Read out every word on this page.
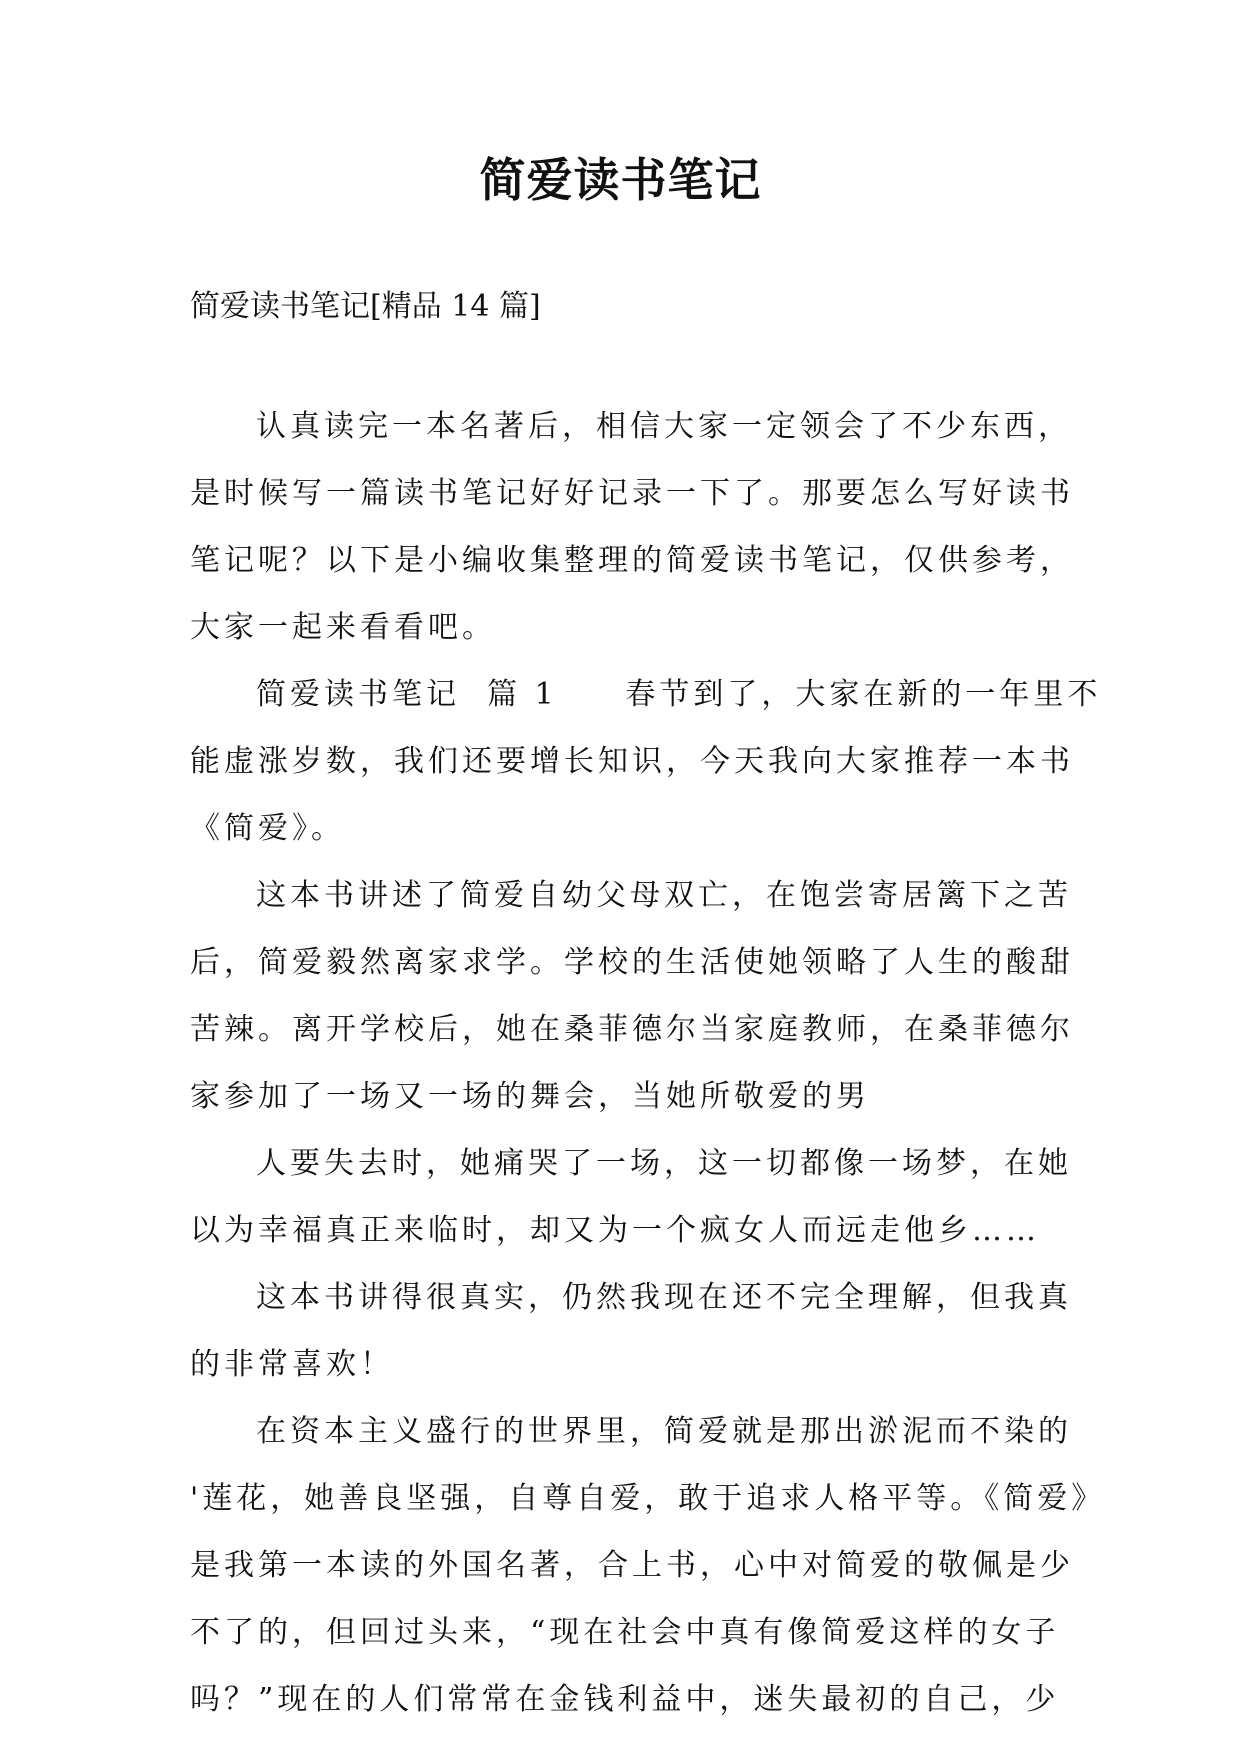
简爱读书笔记

简爱读书笔记[精品 14 篇]

认真读完一本名著后，相信大家一定领会了不少东西，

是时候写一篇读书笔记好好记录一下了。那要怎么写好读书

笔记呢？以下是小编收集整理的简爱读书笔记，仅供参考，

大家一起来看看吧。

简爱读书笔记  篇 1     春节到了，大家在新的一年里不

能虚涨岁数，我们还要增长知识，今天我向大家推荐一本书

《简爱》。

这本书讲述了简爱自幼父母双亡，在饱尝寄居篱下之苦

后，简爱毅然离家求学。学校的生活使她领略了人生的酸甜

苦辣。离开学校后，她在桑菲德尔当家庭教师，在桑菲德尔

家参加了一场又一场的舞会，当她所敬爱的男

人要失去时，她痛哭了一场，这一切都像一场梦，在她

以为幸福真正来临时，却又为一个疯女人而远走他乡……

这本书讲得很真实，仍然我现在还不完全理解，但我真

的非常喜欢！

在资本主义盛行的世界里，简爱就是那出淤泥而不染的

'莲花，她善良坚强，自尊自爱，敢于追求人格平等。《简爱》

是我第一本读的外国名著，合上书，心中对简爱的敬佩是少

不了的，但回过头来，“现在社会中真有像简爱这样的女子

吗？”现在的人们常常在金钱利益中，迷失最初的自己，少
